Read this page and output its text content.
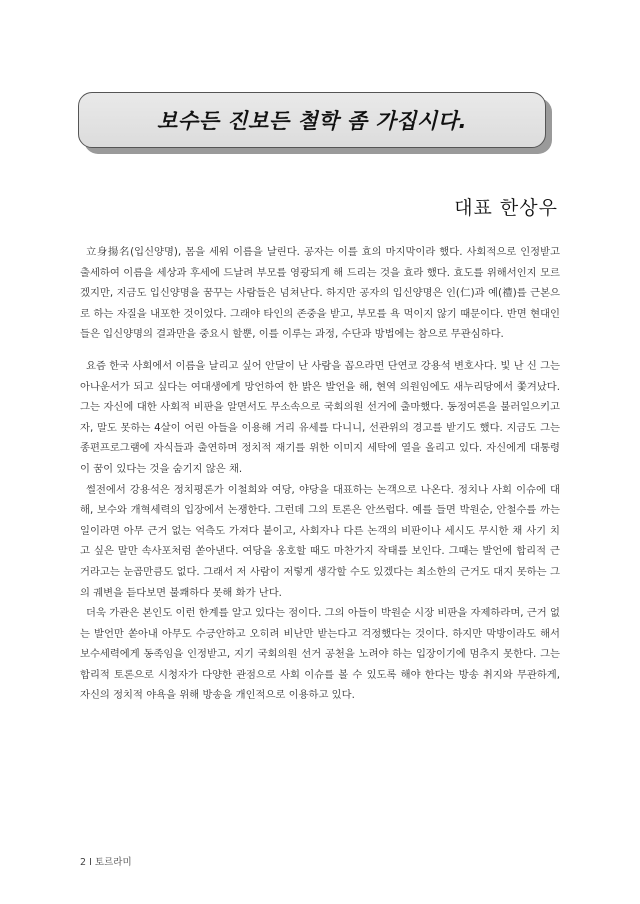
보수든 진보든 철학 좀 가집시다.
대표 한상우

立身揚名(입신양명), 몸을 세워 이름을 날린다. 공자는 이를 효의 마지막이라 했다. 사회적으로 인정받고 출세하여 이름을 세상과 후세에 드날려 부모를 영광되게 해 드리는 것을 효라 했다. 효도를 위해서인지 모르겠지만, 지금도 입신양명을 꿈꾸는 사람들은 넘쳐난다. 하지만 공자의 입신양명은 인(仁)과 예(禮)를 근본으로 하는 자질을 내포한 것이었다. 그래야 타인의 존중을 받고, 부모를 욕 먹이지 않기 때문이다. 반면 현대인들은 입신양명의 결과만을 중요시 할뿐, 이를 이루는 과정, 수단과 방법에는 참으로 무관심하다.

요즘 한국 사회에서 이름을 날리고 싶어 안달이 난 사람을 꼽으라면 단연코 강용석 변호사다. 빛 난 신 그는 아나운서가 되고 싶다는 여대생에게 망언하여 한 밝은 발언을 해, 현역 의원임에도 새누리당에서 쫓겨났다. 그는 자신에 대한 사회적 비판을 알면서도 무소속으로 국회의원 선거에 출마했다. 동정여론을 불러일으키고자, 말도 못하는 4살이 어린 아들을 이용해 거리 유세를 다니니, 선관위의 경고를 받기도 했다. 지금도 그는 종편프로그램에 자식들과 출연하며 정치적 재기를 위한 이미지 세탁에 열을 올리고 있다. 자신에게 대통령이 꿈이 있다는 것을 숨기지 않은 채.

썰전에서 강용석은 정치평론가 이철희와 여당, 야당을 대표하는 논객으로 나온다. 정치나 사회 이슈에 대해, 보수와 개혁세력의 입장에서 논쟁한다. 그런데 그의 토론은 안쓰럽다. 예를 들면 박원순, 안철수를 까는 일이라면 아무 근거 없는 억측도 가져다 붙이고, 사회자나 다른 논객의 비판이나 세시도 무시한 채 사기 치고 싶은 말만 속사포처럼 쏟아낸다. 여당을 옹호할 때도 마찬가지 작태를 보인다. 그때는 발언에 합리적 근거라고는 눈곱만큼도 없다. 그래서 저 사람이 저렇게 생각할 수도 있겠다는 최소한의 근거도 대지 못하는 그의 궤변을 듣다보면 불쾌하다 못해 화가 난다.

더욱 가관은 본인도 이런 한계를 알고 있다는 점이다. 그의 아들이 박원순 시장 비판을 자제하라며, 근거 없는 발언만 쏟아내 아무도 수긍안하고 오히려 비난만 받는다고 걱정했다는 것이다. 하지만 막방이라도 해서 보수세력에게 동족임을 인정받고, 지기 국회의원 선거 공천을 노려야 하는 입장이기에 멈추지 못한다. 그는 합리적 토론으로 시청자가 다양한 관점으로 사회 이슈를 볼 수 있도록 해야 한다는 방송 취지와 무관하게, 자신의 정치적 야욕을 위해 방송을 개인적으로 이용하고 있다.

2 I 토르라미
